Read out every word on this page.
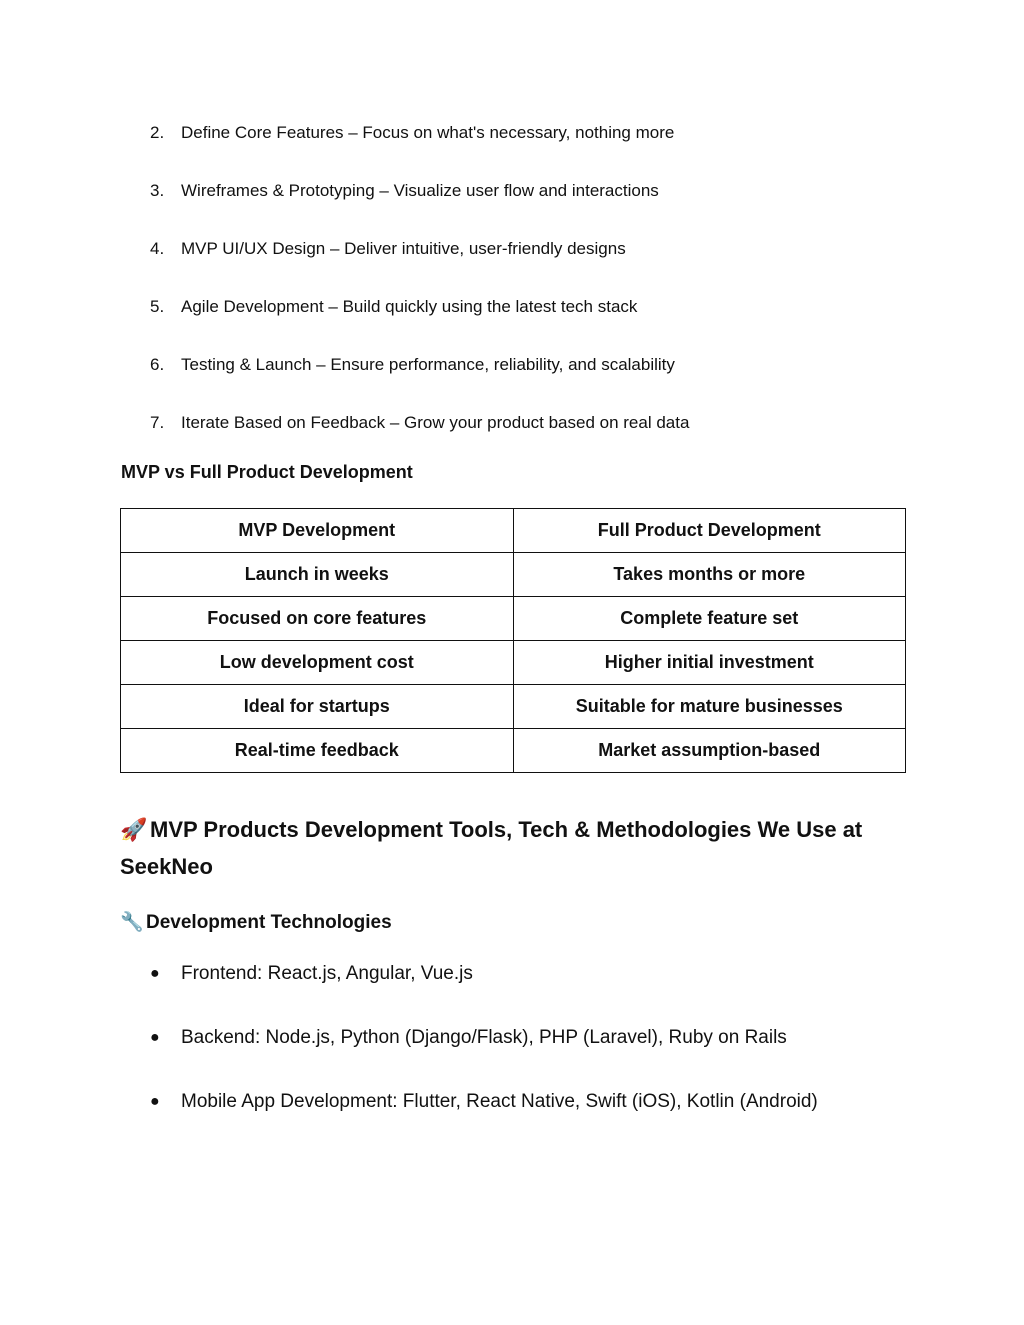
2. Define Core Features – Focus on what's necessary, nothing more
3. Wireframes & Prototyping – Visualize user flow and interactions
4. MVP UI/UX Design – Deliver intuitive, user-friendly designs
5. Agile Development – Build quickly using the latest tech stack
6. Testing & Launch – Ensure performance, reliability, and scalability
7. Iterate Based on Feedback – Grow your product based on real data
MVP vs Full Product Development
MVP Development	Full Product Development
Launch in weeks	Takes months or more
Focused on core features	Complete feature set
Low development cost	Higher initial investment
Ideal for startups	Suitable for mature businesses
Real-time feedback	Market assumption-based
🚀 MVP Products Development Tools, Tech & Methodologies We Use at SeekNeo
🔧 Development Technologies
● Frontend: React.js, Angular, Vue.js
● Backend: Node.js, Python (Django/Flask), PHP (Laravel), Ruby on Rails
● Mobile App Development: Flutter, React Native, Swift (iOS), Kotlin (Android)
